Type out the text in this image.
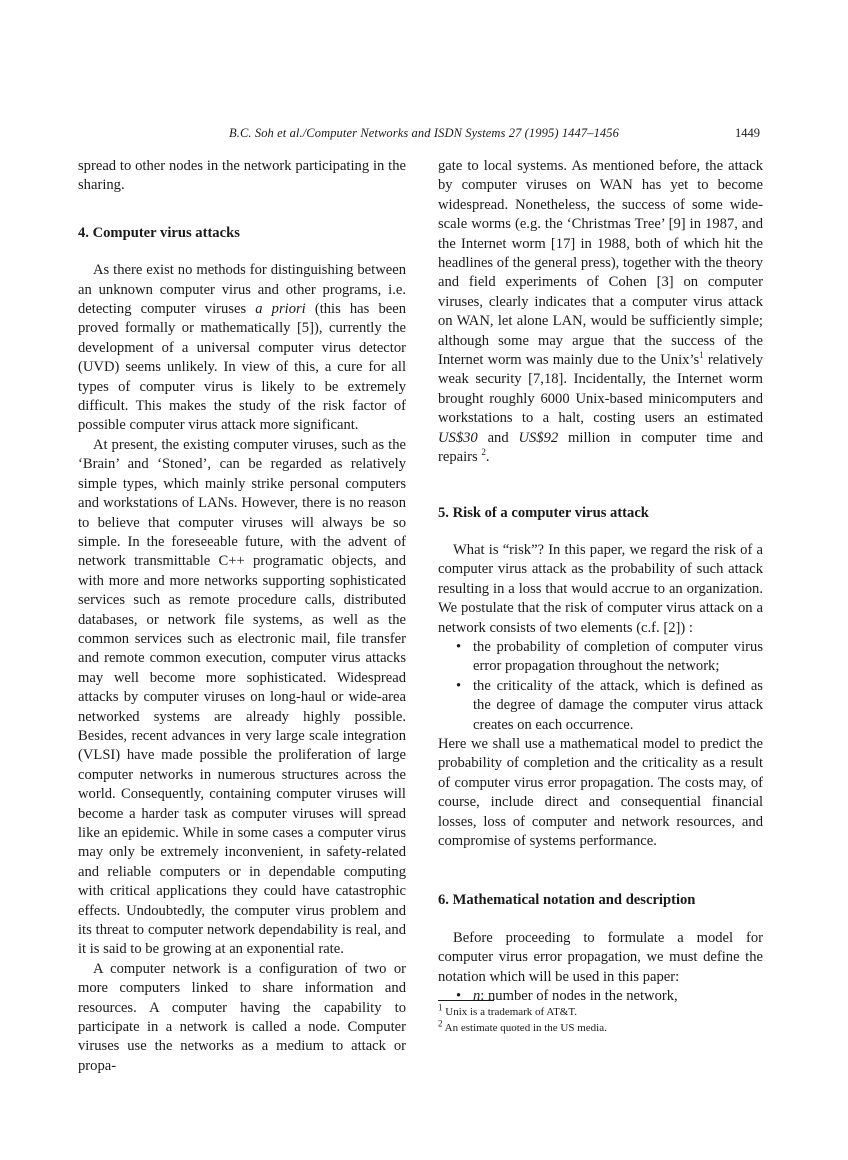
B.C. Soh et al./Computer Networks and ISDN Systems 27 (1995) 1447–1456	1449

spread to other nodes in the network participating in the sharing.

4. Computer virus attacks

As there exist no methods for distinguishing between an unknown computer virus and other programs, i.e. detecting computer viruses a priori (this has been proved formally or mathematically [5]), currently the development of a universal computer virus detector (UVD) seems unlikely. In view of this, a cure for all types of computer virus is likely to be extremely difficult. This makes the study of the risk factor of possible computer virus attack more significant.

At present, the existing computer viruses, such as the ‘Brain’ and ‘Stoned’, can be regarded as relatively simple types, which mainly strike personal computers and workstations of LANs. However, there is no reason to believe that computer viruses will always be so simple. In the foreseeable future, with the advent of network transmittable C++ programatic objects, and with more and more networks supporting sophisticated services such as remote procedure calls, distributed databases, or network file systems, as well as the common services such as electronic mail, file transfer and remote common execution, computer virus attacks may well become more sophisticated. Widespread attacks by computer viruses on long-haul or wide-area networked systems are already highly possible. Besides, recent advances in very large scale integration (VLSI) have made possible the proliferation of large computer networks in numerous structures across the world. Consequently, containing computer viruses will become a harder task as computer viruses will spread like an epidemic. While in some cases a computer virus may only be extremely inconvenient, in safety-related and reliable computers or in dependable computing with critical applications they could have catastrophic effects. Undoubtedly, the computer virus problem and its threat to computer network dependability is real, and it is said to be growing at an exponential rate.

A computer network is a configuration of two or more computers linked to share information and resources. A computer having the capability to participate in a network is called a node. Computer viruses use the networks as a medium to attack or propa-

gate to local systems. As mentioned before, the attack by computer viruses on WAN has yet to become widespread. Nonetheless, the success of some wide-scale worms (e.g. the ‘Christmas Tree’ [9] in 1987, and the Internet worm [17] in 1988, both of which hit the headlines of the general press), together with the theory and field experiments of Cohen [3] on computer viruses, clearly indicates that a computer virus attack on WAN, let alone LAN, would be sufficiently simple; although some may argue that the success of the Internet worm was mainly due to the $Unix’s^1$ relatively weak security [7,18]. Incidentally, the Internet worm brought roughly 6000 Unix-based minicomputers and workstations to a halt, costing users an estimated US$30 and US$92 million in computer time and repairs $^2$.

5. Risk of a computer virus attack

What is “risk”? In this paper, we regard the risk of a computer virus attack as the probability of such attack resulting in a loss that would accrue to an organization. We postulate that the risk of computer virus attack on a network consists of two elements (c.f. [2]) :

• the probability of completion of computer virus error propagation throughout the network;
• the criticality of the attack, which is defined as the degree of damage the computer virus attack creates on each occurrence.

Here we shall use a mathematical model to predict the probability of completion and the criticality as a result of computer virus error propagation. The costs may, of course, include direct and consequential financial losses, loss of computer and network resources, and compromise of systems performance.

6. Mathematical notation and description

Before proceeding to formulate a model for computer virus error propagation, we must define the notation which will be used in this paper:

• n: number of nodes in the network,
$^1$ Unix is a trademark of AT&T.
$^2$ An estimate quoted in the US media.
